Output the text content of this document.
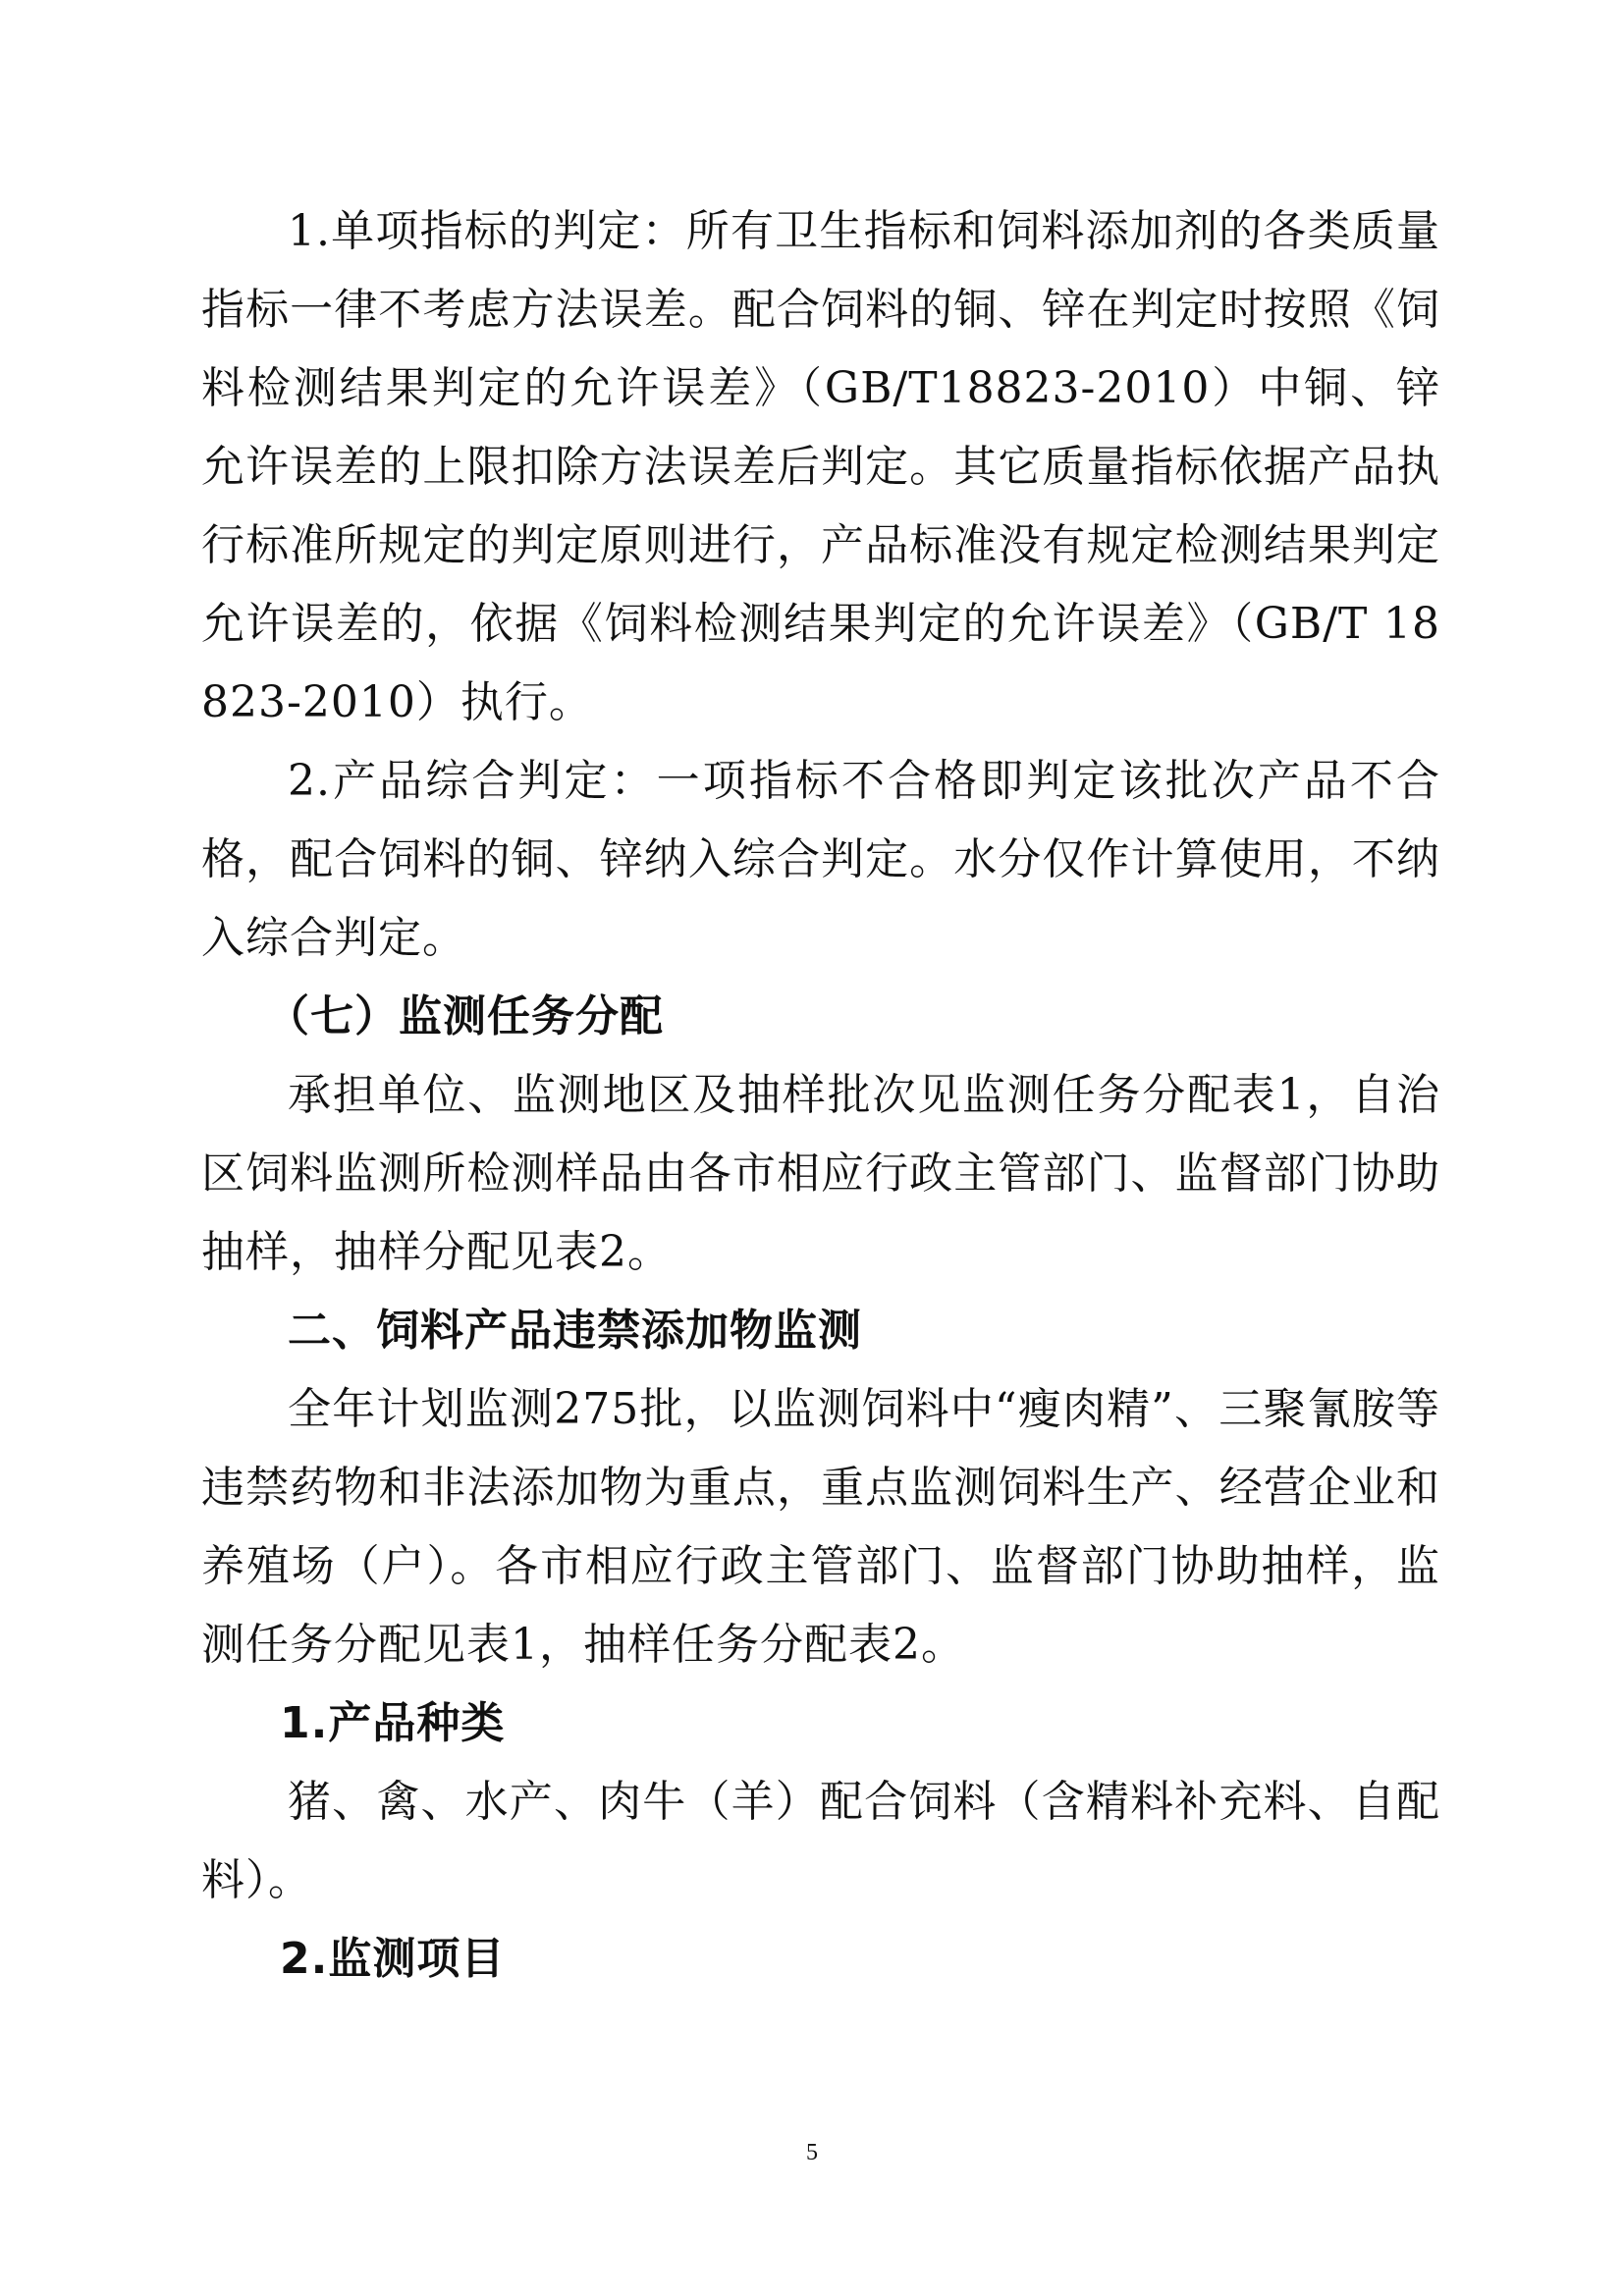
1.单项指标的判定：所有卫生指标和饲料添加剂的各类质量指标一律不考虑方法误差。配合饲料的铜、锌在判定时按照《饲料检测结果判定的允许误差》（GB/T18823-2010）中铜、锌允许误差的上限扣除方法误差后判定。其它质量指标依据产品执行标准所规定的判定原则进行，产品标准没有规定检测结果判定允许误差的，依据《饲料检测结果判定的允许误差》（GB/T 18823-2010）执行。

2.产品综合判定：一项指标不合格即判定该批次产品不合格，配合饲料的铜、锌纳入综合判定。水分仅作计算使用，不纳入综合判定。

（七）监测任务分配

承担单位、监测地区及抽样批次见监测任务分配表1，自治区饲料监测所检测样品由各市相应行政主管部门、监督部门协助抽样，抽样分配见表2。

二、饲料产品违禁添加物监测

全年计划监测275批，以监测饲料中“瘦肉精”、三聚氰胺等违禁药物和非法添加物为重点，重点监测饲料生产、经营企业和养殖场（户）。各市相应行政主管部门、监督部门协助抽样，监测任务分配见表1，抽样任务分配表2。

1.产品种类

猪、禽、水产、肉牛（羊）配合饲料（含精料补充料、自配料）。

2.监测项目

5
